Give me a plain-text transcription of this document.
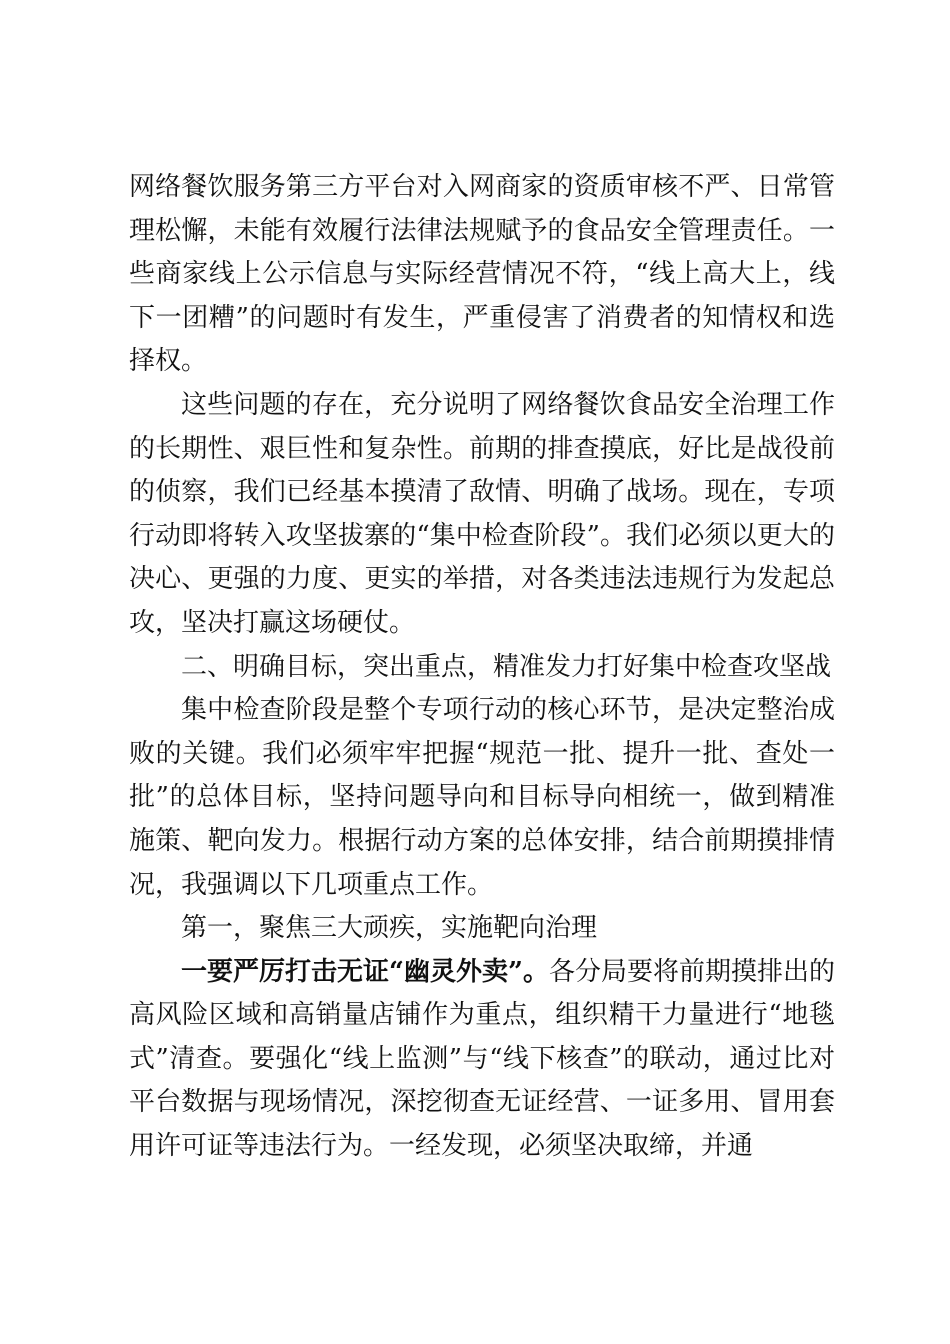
网络餐饮服务第三方平台对入网商家的资质审核不严、日常管理松懈，未能有效履行法律法规赋予的食品安全管理责任。一些商家线上公示信息与实际经营情况不符，“线上高大上，线下一团糟”的问题时有发生，严重侵害了消费者的知情权和选择权。

这些问题的存在，充分说明了网络餐饮食品安全治理工作的长期性、艰巨性和复杂性。前期的排查摸底，好比是战役前的侦察，我们已经基本摸清了敌情、明确了战场。现在，专项行动即将转入攻坚拔寨的“集中检查阶段”。我们必须以更大的决心、更强的力度、更实的举措，对各类违法违规行为发起总攻，坚决打赢这场硬仗。

二、明确目标，突出重点，精准发力打好集中检查攻坚战

集中检查阶段是整个专项行动的核心环节，是决定整治成败的关键。我们必须牢牢把握“规范一批、提升一批、查处一批”的总体目标，坚持问题导向和目标导向相统一，做到精准施策、靶向发力。根据行动方案的总体安排，结合前期摸排情况，我强调以下几项重点工作。

第一，聚焦三大顽疾，实施靶向治理

一要严厉打击无证“幽灵外卖”。各分局要将前期摸排出的高风险区域和高销量店铺作为重点，组织精干力量进行“地毯式”清查。要强化“线上监测”与“线下核查”的联动，通过比对平台数据与现场情况，深挖彻查无证经营、一证多用、冒用套用许可证等违法行为。一经发现，必须坚决取缔，并通
